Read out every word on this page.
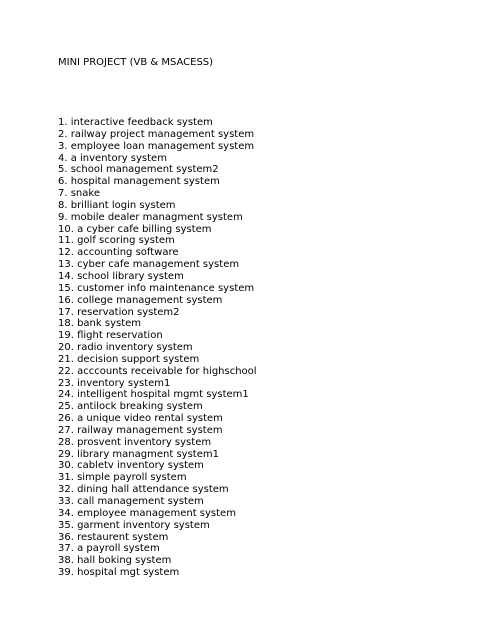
MINI PROJECT (VB & MSACESS)
1. interactive feedback system
2. railway project management system
3. employee loan management system
4. a inventory system
5. school management system2
6. hospital management system
7. snake
8. brilliant login system
9. mobile dealer managment system
10. a cyber cafe billing system
11. golf scoring system
12. accounting software
13. cyber cafe management system
14. school library system
15. customer info maintenance system
16. college management system
17. reservation system2
18. bank system
19. flight reservation
20. radio inventory system
21. decision support system
22. acccounts receivable for highschool
23. inventory system1
24. intelligent hospital mgmt system1
25. antilock breaking system
26. a unique video rental system
27. railway management system
28. prosvent inventory system
29. library managment system1
30. cabletv inventory system
31. simple payroll system
32. dining hall attendance system
33. call management system
34. employee management system
35. garment inventory system
36. restaurent system
37. a payroll system
38. hall boking system
39. hospital mgt system
